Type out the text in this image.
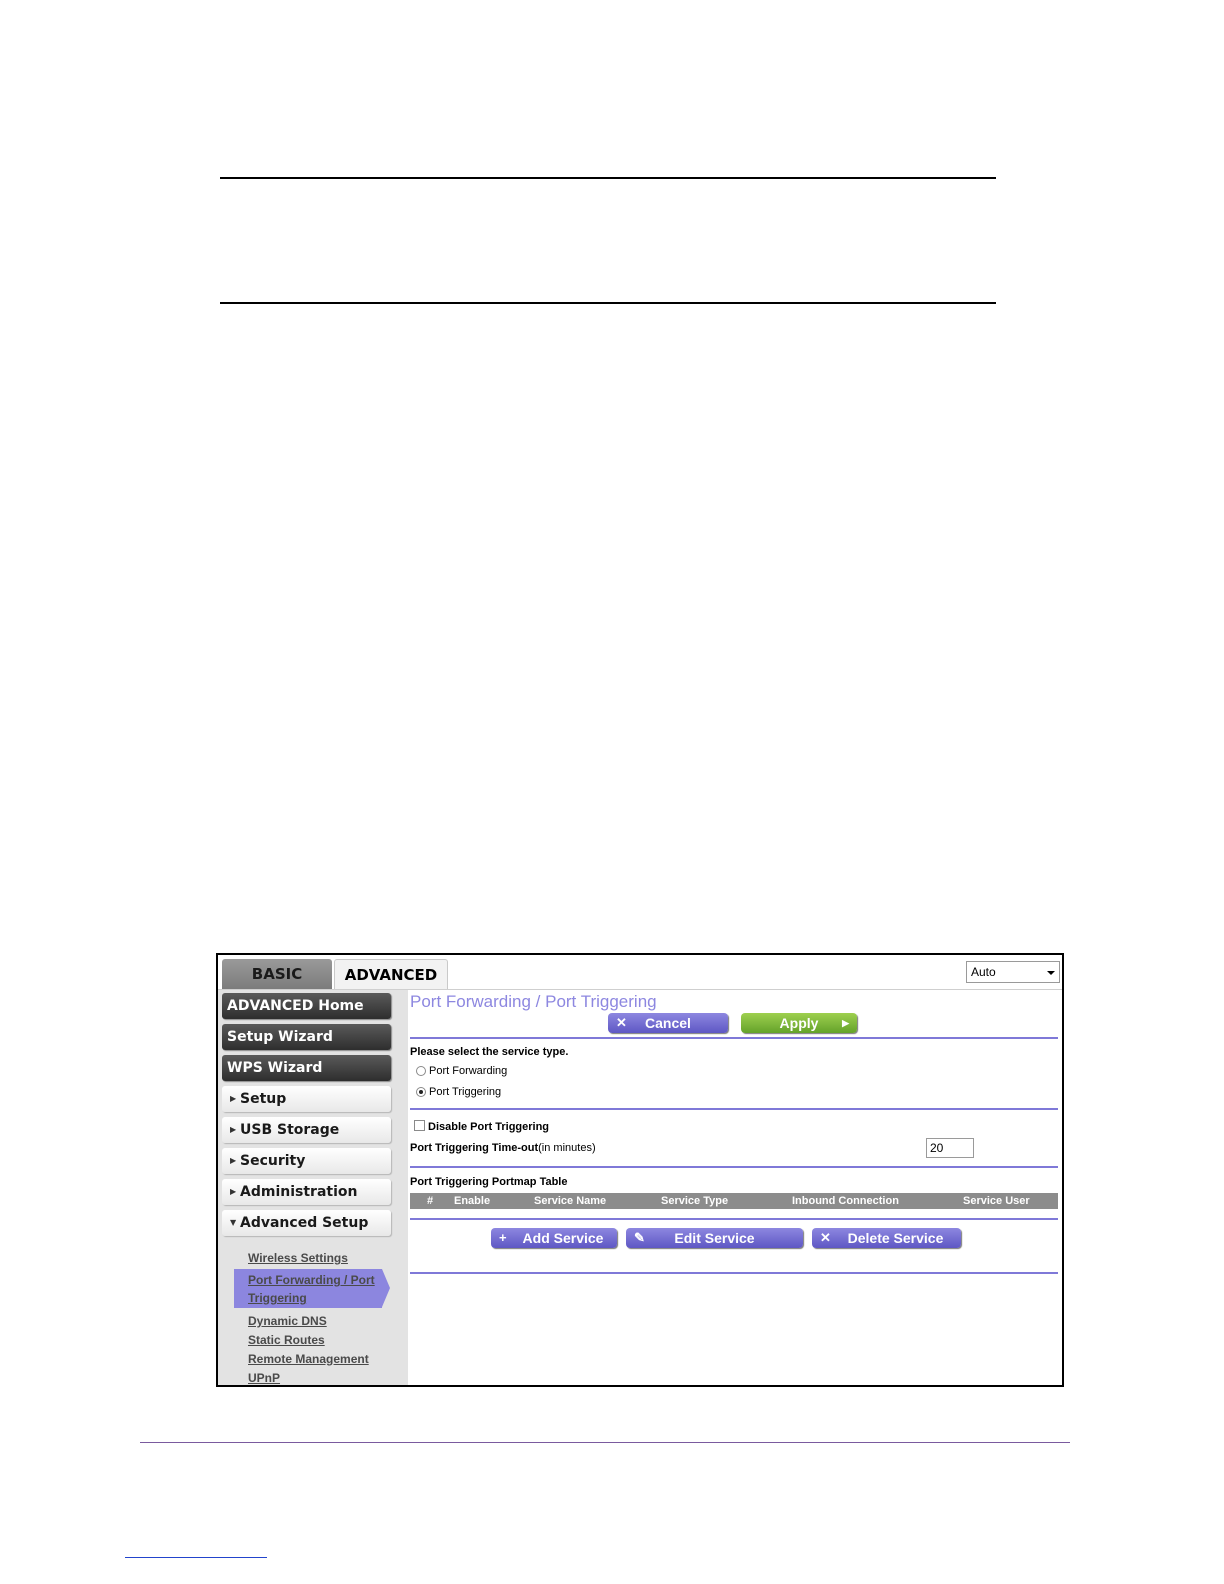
BASIC	ADVANCED	Auto
ADVANCED Home
Setup Wizard
WPS Wizard
▶ Setup
▶ USB Storage
▶ Security
▶ Administration
▼ Advanced Setup
Wireless Settings
Port Forwarding / Port Triggering
Dynamic DNS
Static Routes
Remote Management
UPnP
Port Forwarding / Port Triggering
✕	Cancel	Apply	▶
Please select the service type.
Port Forwarding
Port Triggering
Disable Port Triggering
Port Triggering Time-out(in minutes)	20
Port Triggering Portmap Table
# Enable	Service Name	Service Type	Inbound Connection	Service User
+	Add Service	✎	Edit Service	✕	Delete Service
